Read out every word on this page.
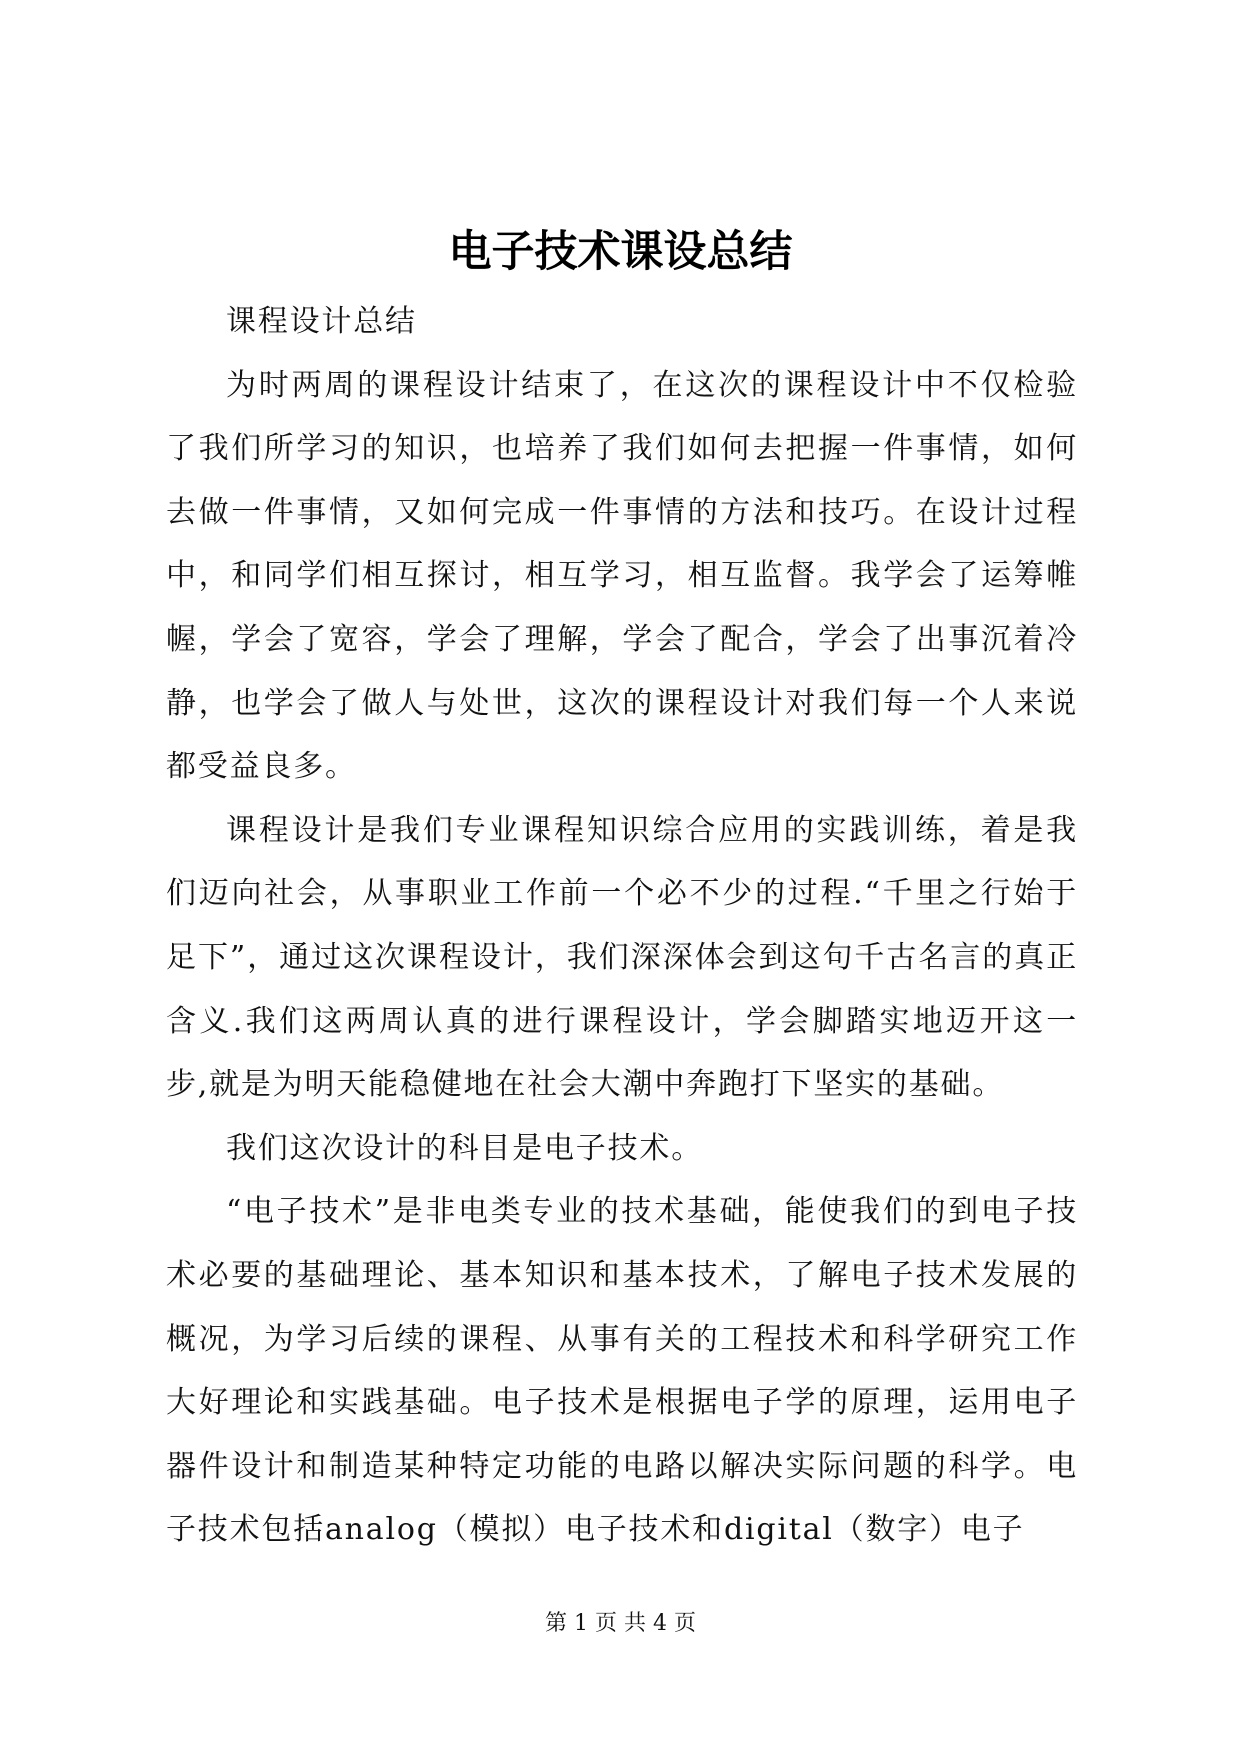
电子技术课设总结

课程设计总结

为时两周的课程设计结束了，在这次的课程设计中不仅检验了我们所学习的知识，也培养了我们如何去把握一件事情，如何去做一件事情，又如何完成一件事情的方法和技巧。在设计过程中，和同学们相互探讨，相互学习，相互监督。我学会了运筹帷幄，学会了宽容，学会了理解，学会了配合，学会了出事沉着冷静，也学会了做人与处世，这次的课程设计对我们每一个人来说都受益良多。

课程设计是我们专业课程知识综合应用的实践训练，着是我们迈向社会，从事职业工作前一个必不少的过程.“千里之行始于足下”，通过这次课程设计，我们深深体会到这句千古名言的真正含义.我们这两周认真的进行课程设计，学会脚踏实地迈开这一步,就是为明天能稳健地在社会大潮中奔跑打下坚实的基础。

我们这次设计的科目是电子技术。

“电子技术”是非电类专业的技术基础，能使我们的到电子技术必要的基础理论、基本知识和基本技术，了解电子技术发展的概况，为学习后续的课程、从事有关的工程技术和科学研究工作大好理论和实践基础。电子技术是根据电子学的原理，运用电子器件设计和制造某种特定功能的电路以解决实际问题的科学。电子技术包括analog（模拟）电子技术和digital（数字）电子

第 1 页 共 4 页
